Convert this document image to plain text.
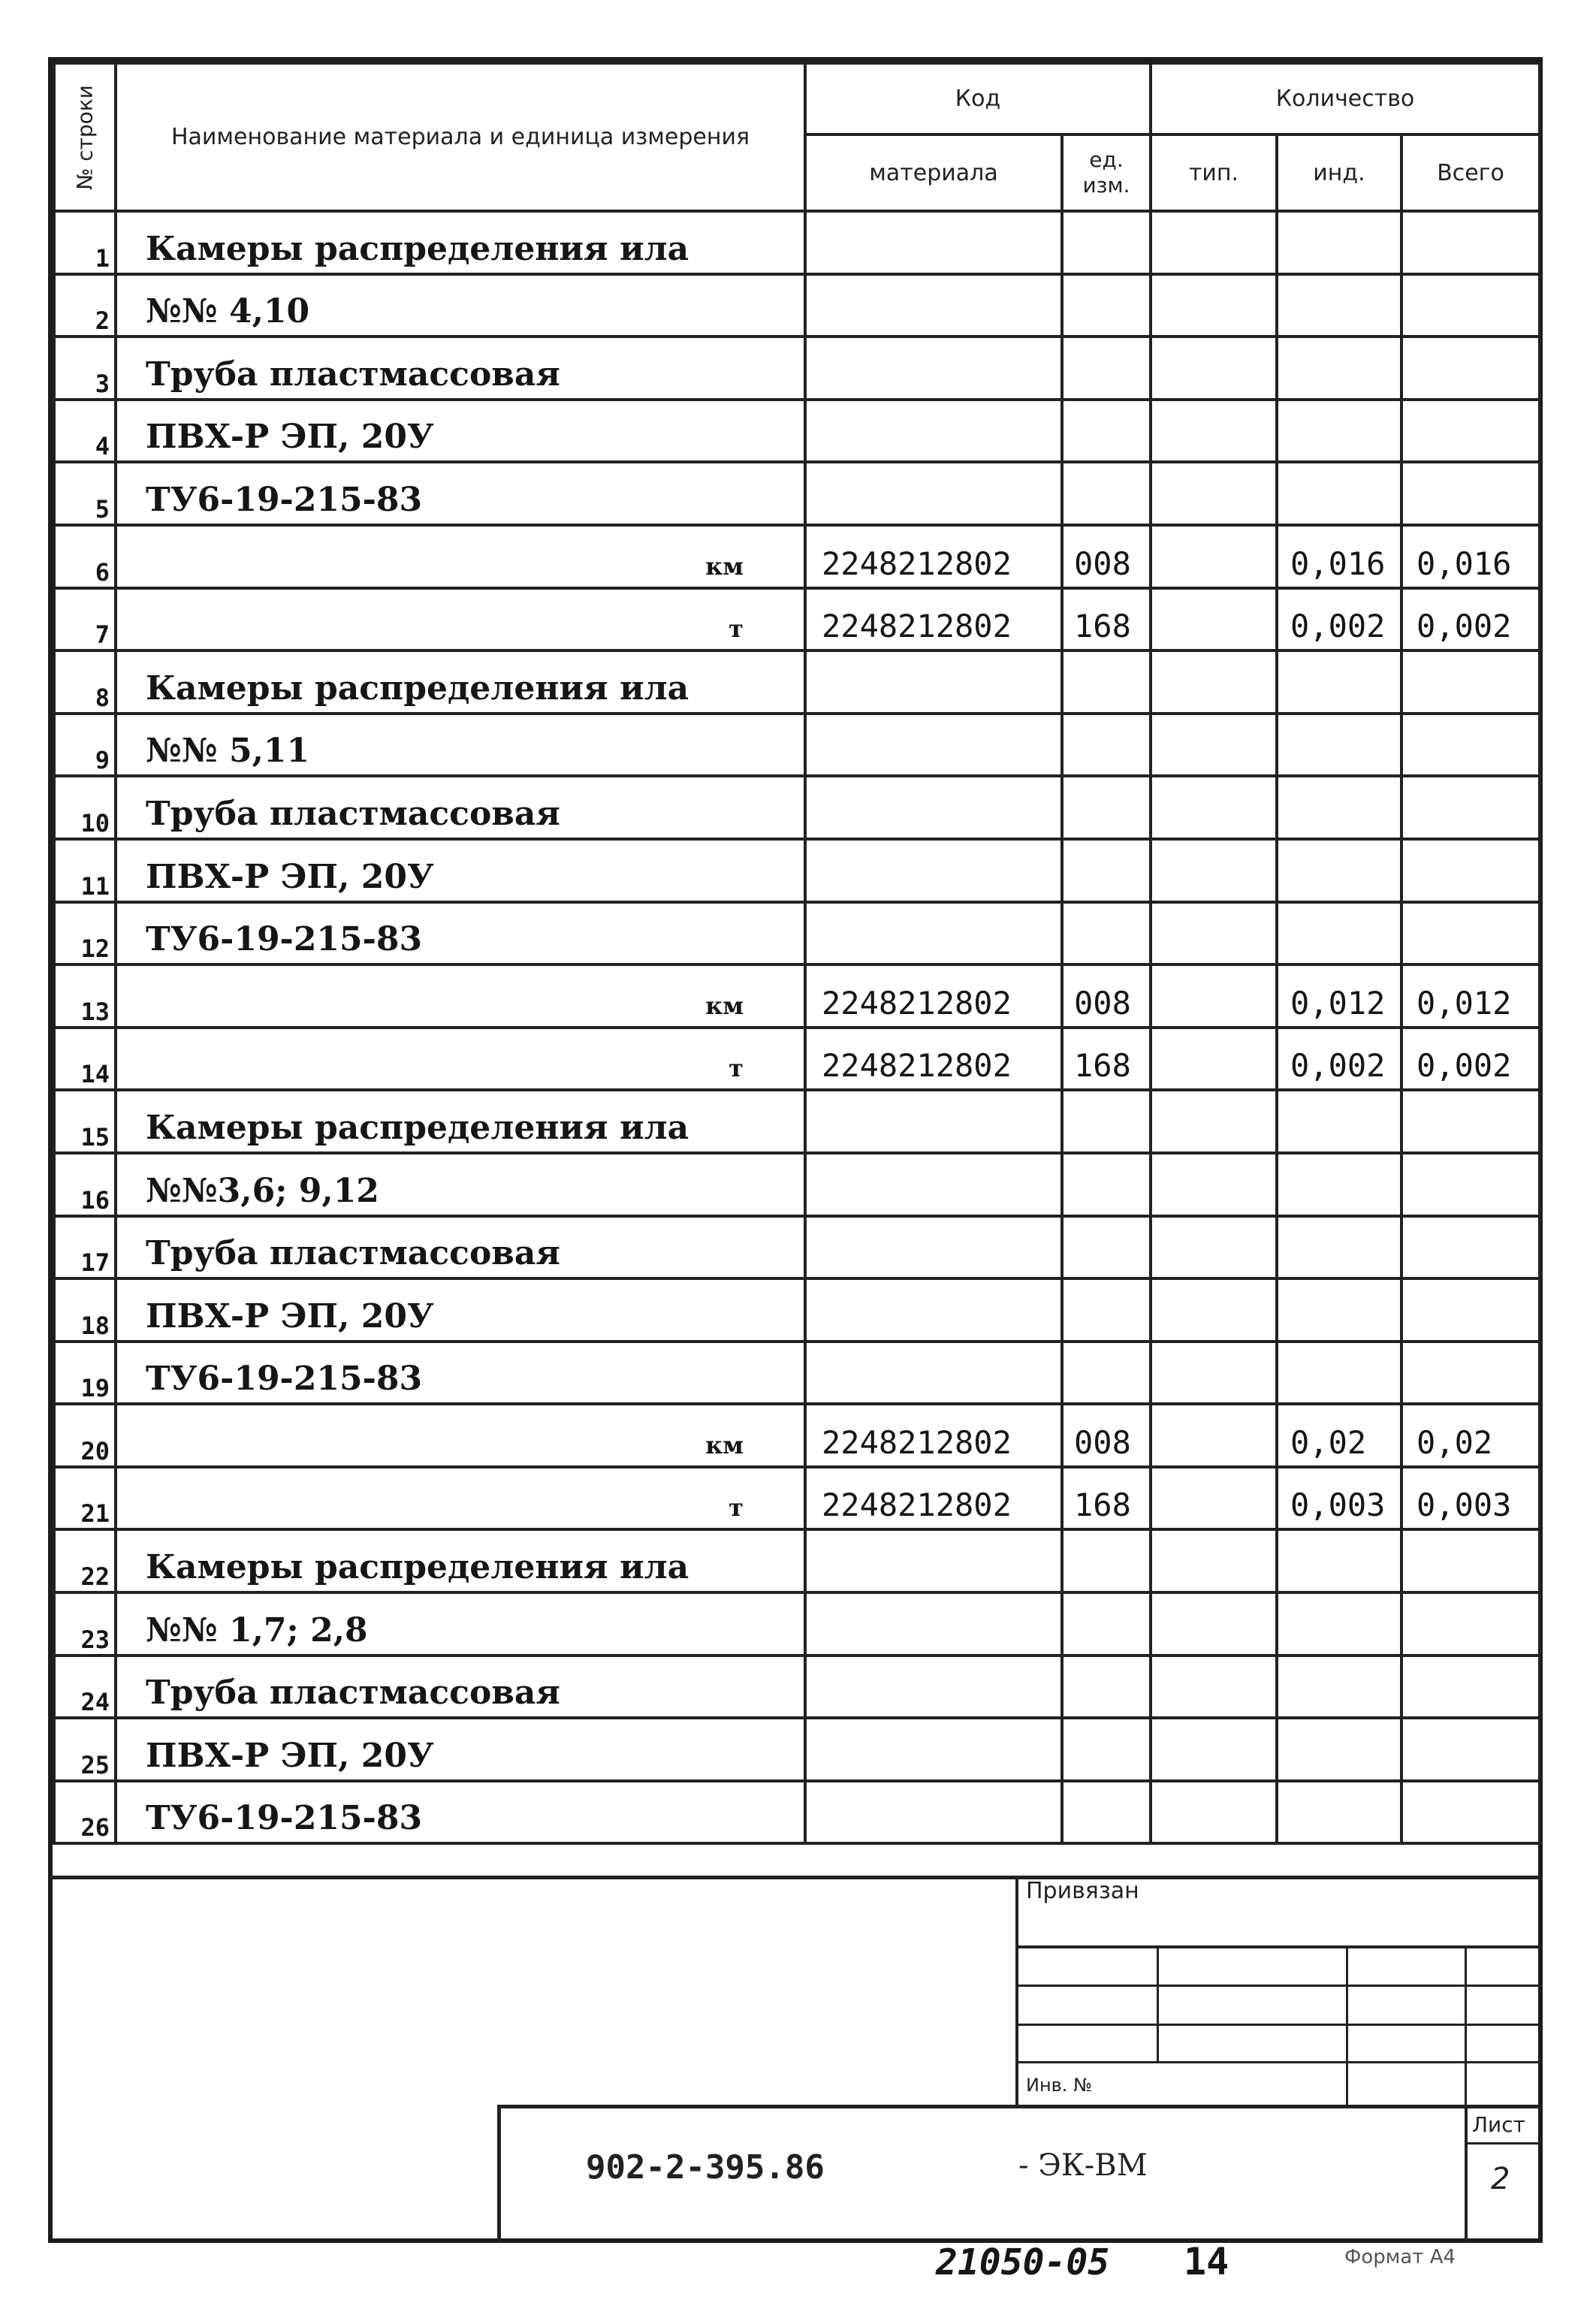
№ строки	Наименование материала и единица измерения	Код		Количество		
		материала	ед. изм.	тип.	инд.	Всего
1	Камеры распределения ила

2	№№ 4,10

3	Труба пластмассовая

4	ПВХ-Р ЭП, 20У

5	ТУ6-19-215-83

6	км	2248212802	008		0,016	0,016
7	т	2248212802	168		0,002	0,002
8	Камеры распределения ила

9	№№ 5,11

10	Труба пластмассовая

11	ПВХ-Р ЭП, 20У

12	ТУ6-19-215-83

13	км	2248212802	008		0,012	0,012
14	т	2248212802	168		0,002	0,002
15	Камеры распределения ила

16	№№3,6; 9,12

17	Труба пластмассовая

18	ПВХ-Р ЭП, 20У

19	ТУ6-19-215-83

20	км	2248212802	008		0,02	0,02
21	т	2248212802	168		0,003	0,003
22	Камеры распределения ила

23	№№ 1,7; 2,8

24	Труба пластмассовая

25	ПВХ-Р ЭП, 20У

26	ТУ6-19-215-83

Привязан
Инв. №
902-2-395.86	- ЭК-ВМ
Лист
2
21050-05 14	Формат А4
